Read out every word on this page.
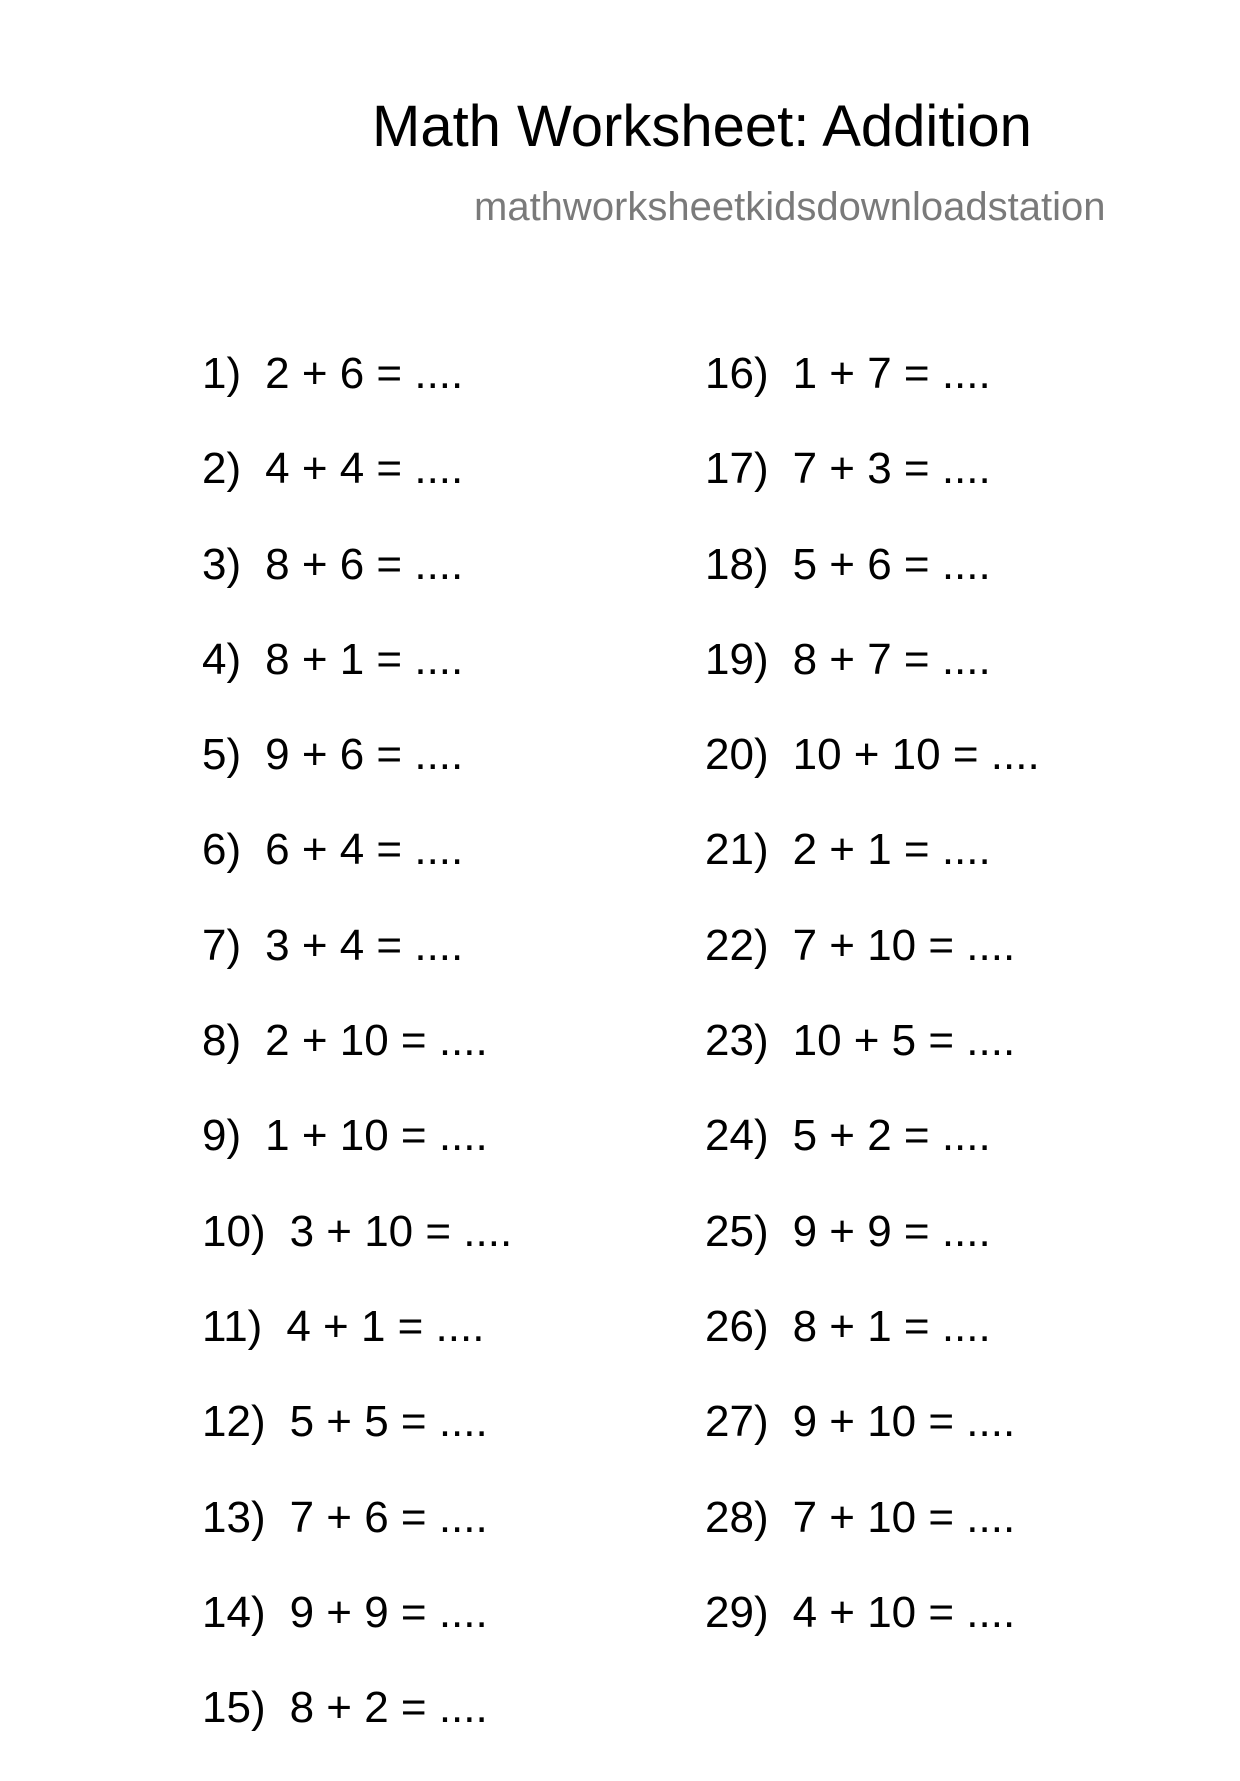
Math Worksheet: Addition
mathworksheetkidsdownloadstation
1) 2 + 6 = ....
2) 4 + 4 = ....
3) 8 + 6 = ....
4) 8 + 1 = ....
5) 9 + 6 = ....
6) 6 + 4 = ....
7) 3 + 4 = ....
8) 2 + 10 = ....
9) 1 + 10 = ....
10) 3 + 10 = ....
11) 4 + 1 = ....
12) 5 + 5 = ....
13) 7 + 6 = ....
14) 9 + 9 = ....
15) 8 + 2 = ....
16) 1 + 7 = ....
17) 7 + 3 = ....
18) 5 + 6 = ....
19) 8 + 7 = ....
20) 10 + 10 = ....
21) 2 + 1 = ....
22) 7 + 10 = ....
23) 10 + 5 = ....
24) 5 + 2 = ....
25) 9 + 9 = ....
26) 8 + 1 = ....
27) 9 + 10 = ....
28) 7 + 10 = ....
29) 4 + 10 = ....
